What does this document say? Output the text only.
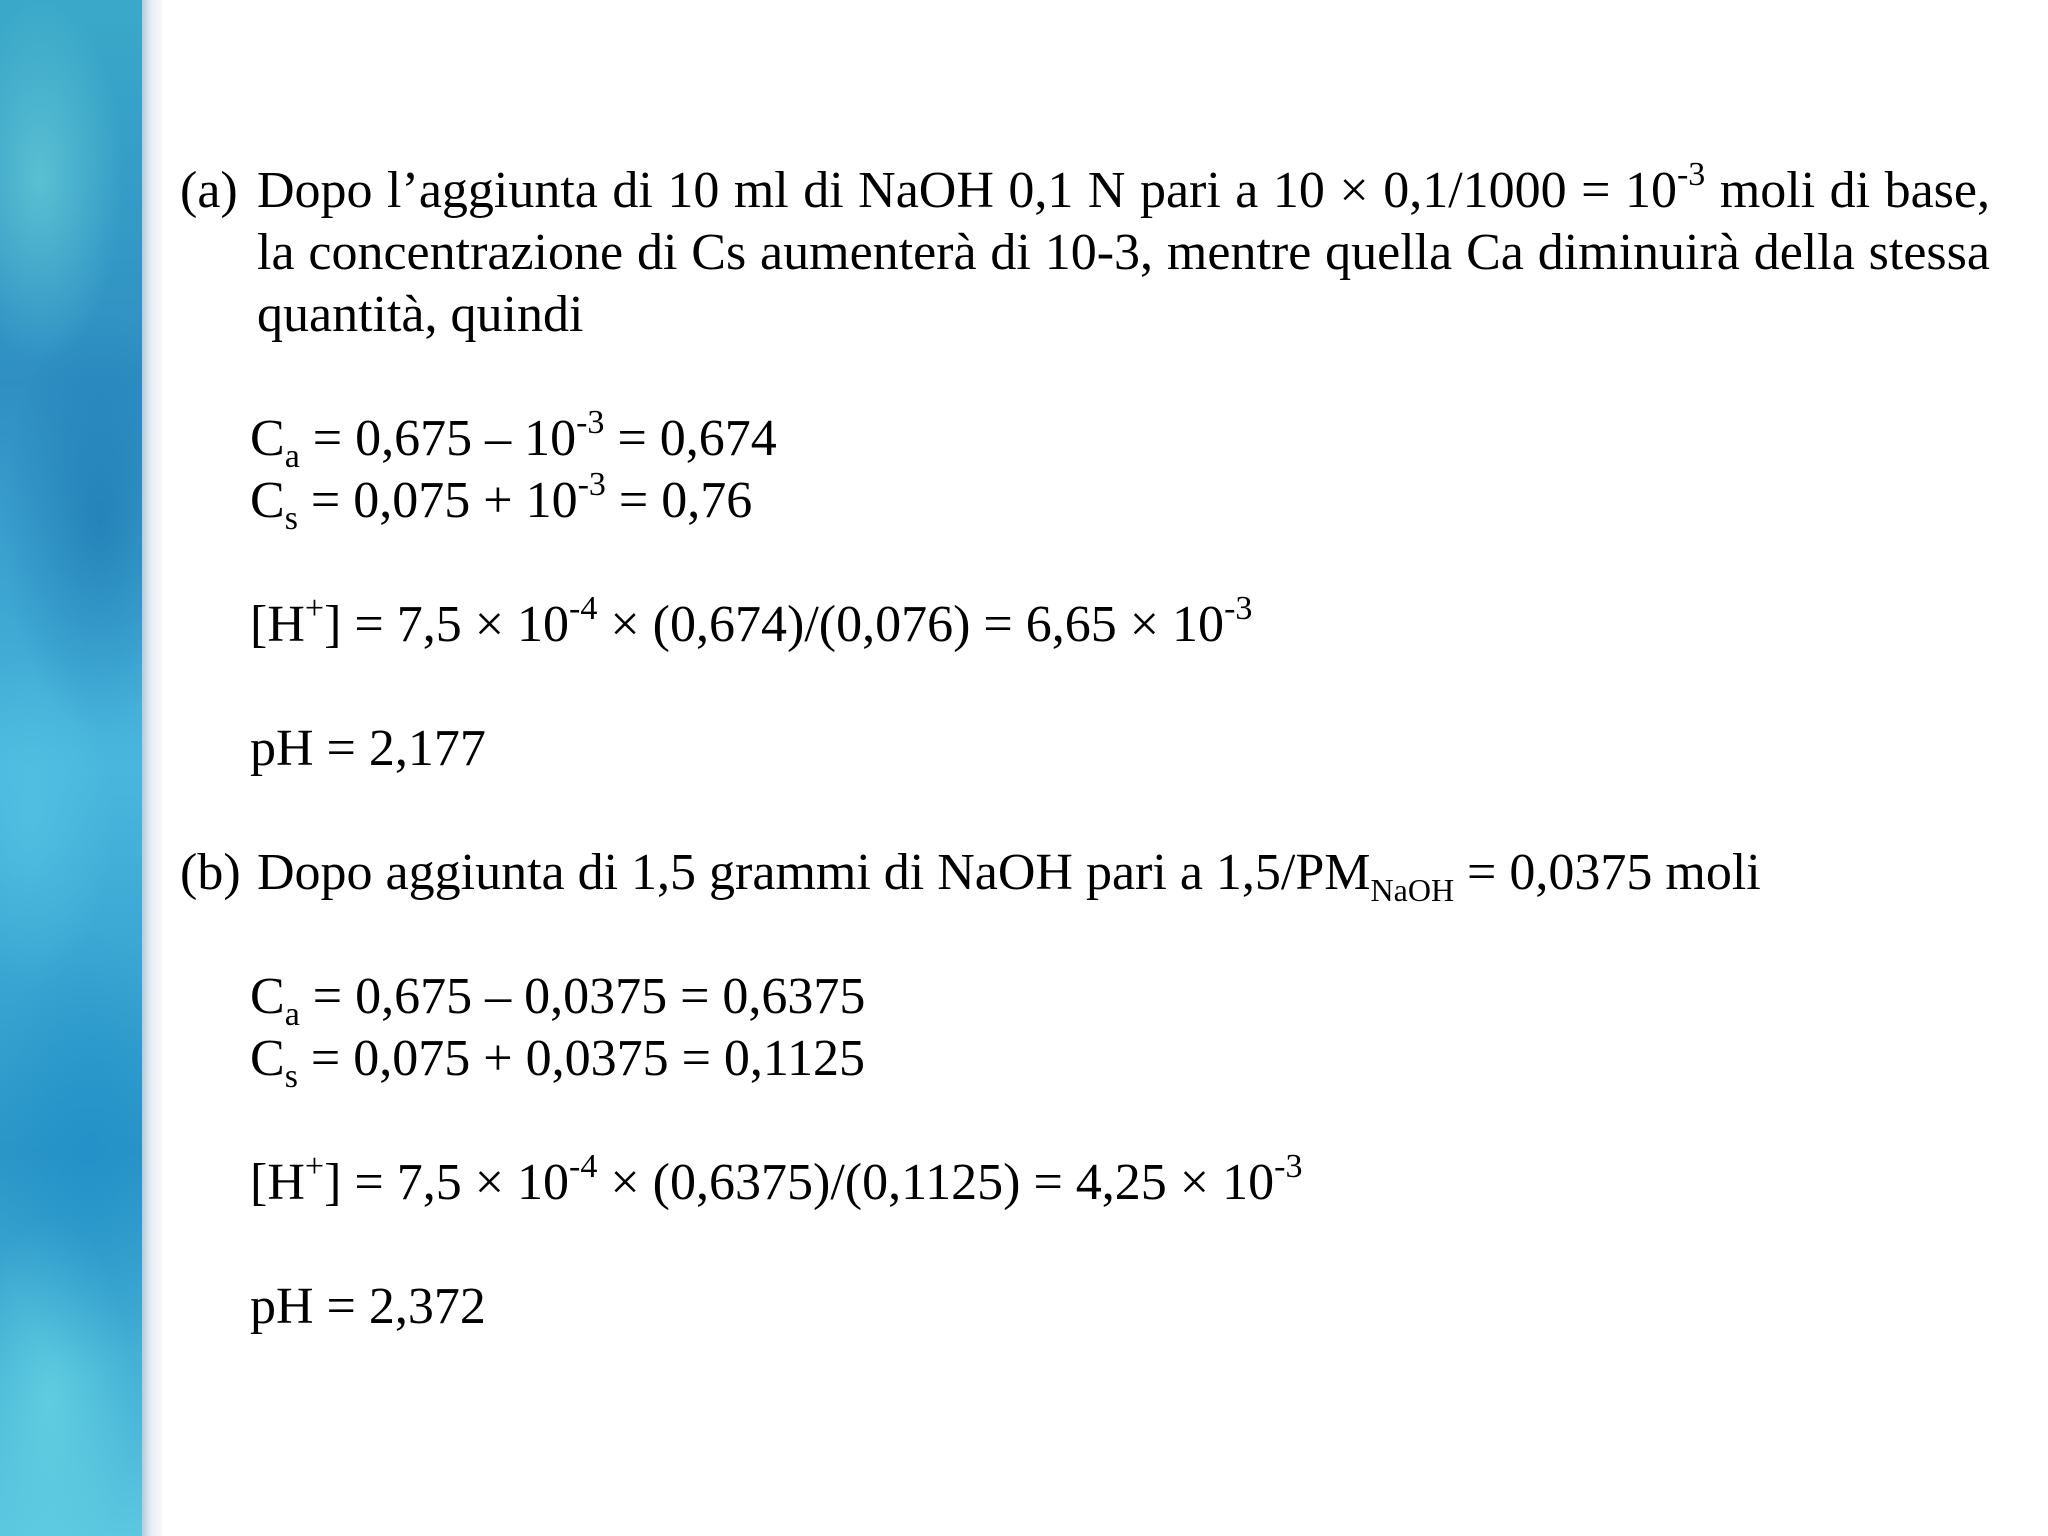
(a) Dopo l’aggiunta di 10 ml di NaOH 0,1 N pari a $10 \times 0,1/1000 = 10^{-3}$ moli di base, la concentrazione di Cs aumenterà di 10-3, mentre quella Ca diminuirà della stessa quantità, quindi
$C_a = 0,675 - 10^{-3} = 0,674$
$C_s = 0,075 + 10^{-3} = 0,76$
$[H^+] = 7,5 \times 10^{-4} \times (0,674)/(0,076) = 6,65 \times 10^{-3}$
pH = 2,177
(b) Dopo aggiunta di 1,5 grammi di NaOH pari a $1,5/PM_{NaOH} = 0,0375$ moli
$C_a = 0,675 - 0,0375 = 0,6375$
$C_s = 0,075 + 0,0375 = 0,1125$
$[H^+] = 7,5 \times 10^{-4} \times (0,6375)/(0,1125) = 4,25 \times 10^{-3}$
pH = 2,372
